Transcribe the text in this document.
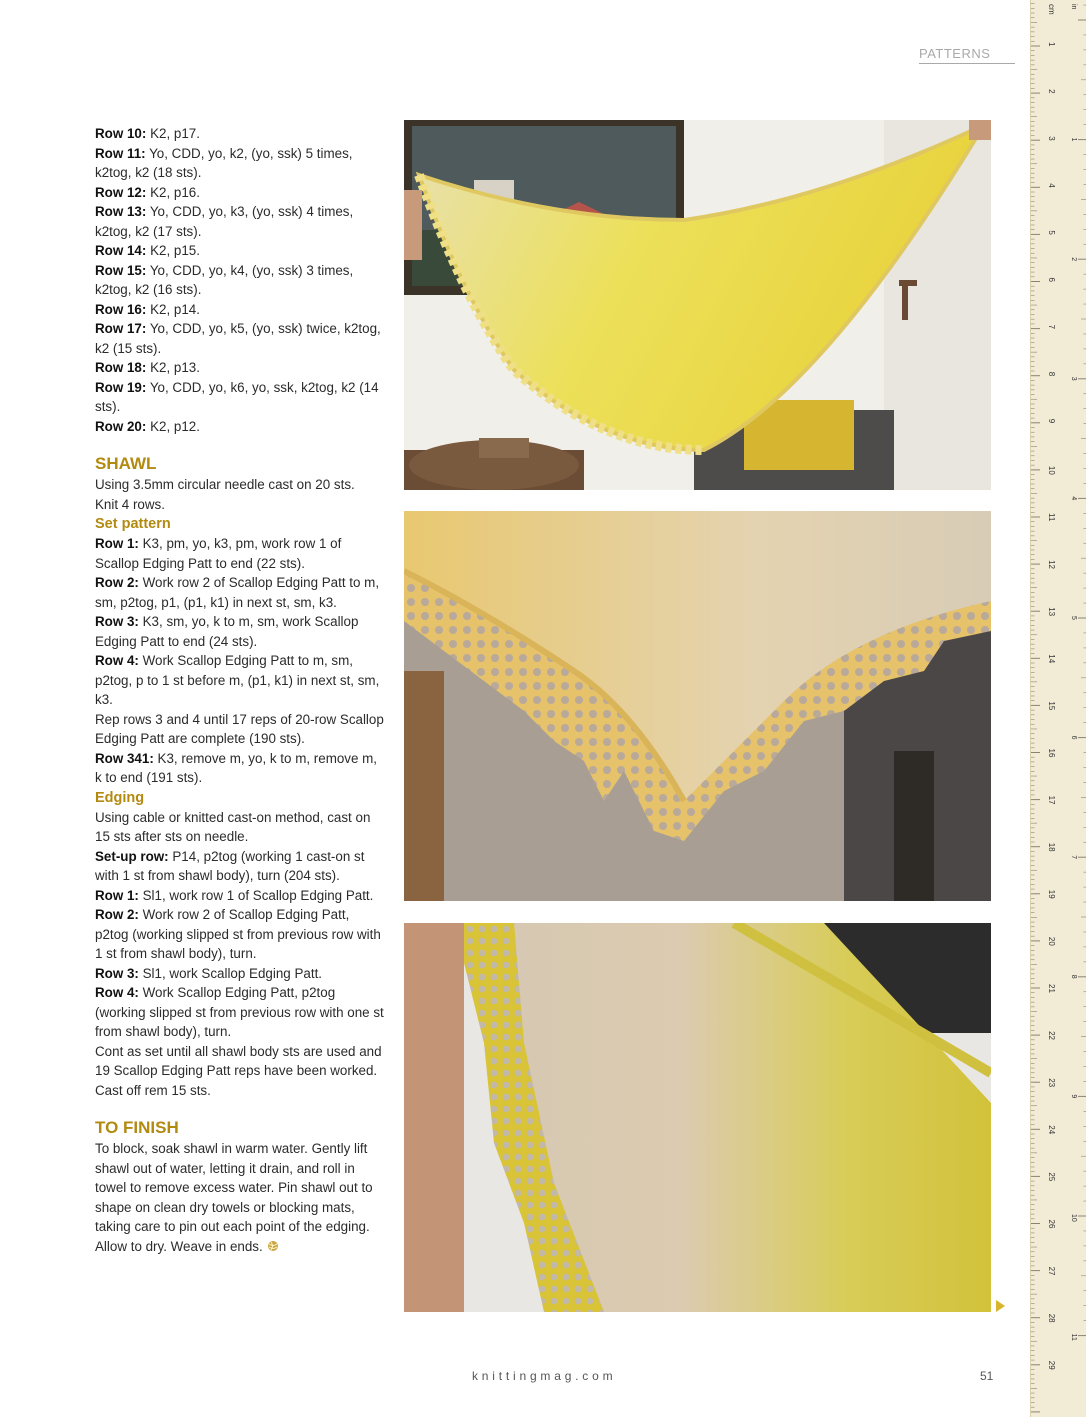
PATTERNS

Row 10: K2, p17.

Row 11: Yo, CDD, yo, k2, (yo, ssk) 5 times, k2tog, k2 (18 sts).

Row 12: K2, p16.

Row 13: Yo, CDD, yo, k3, (yo, ssk) 4 times, k2tog, k2 (17 sts).

Row 14: K2, p15.

Row 15: Yo, CDD, yo, k4, (yo, ssk) 3 times, k2tog, k2 (16 sts).

Row 16: K2, p14.

Row 17: Yo, CDD, yo, k5, (yo, ssk) twice, k2tog, k2 (15 sts).

Row 18: K2, p13.

Row 19: Yo, CDD, yo, k6, yo, ssk, k2tog, k2 (14 sts).

Row 20: K2, p12.

SHAWL

Using 3.5mm circular needle cast on 20 sts.

Knit 4 rows.

Set pattern

Row 1: K3, pm, yo, k3, pm, work row 1 of Scallop Edging Patt to end (22 sts).

Row 2: Work row 2 of Scallop Edging Patt to m, sm, p2tog, p1, (p1, k1) in next st, sm, k3.

Row 3: K3, sm, yo, k to m, sm, work Scallop Edging Patt to end (24 sts).

Row 4: Work Scallop Edging Patt to m, sm, p2tog, p to 1 st before m, (p1, k1) in next st, sm, k3.

Rep rows 3 and 4 until 17 reps of 20-row Scallop Edging Patt are complete (190 sts).

Row 341: K3, remove m, yo, k to m, remove m, k to end (191 sts).

Edging

Using cable or knitted cast-on method, cast on 15 sts after sts on needle.

Set-up row: P14, p2tog (working 1 cast-on st with 1 st from shawl body), turn (204 sts).

Row 1: Sl1, work row 1 of Scallop Edging Patt.

Row 2: Work row 2 of Scallop Edging Patt, p2tog (working slipped st from previous row with 1 st from shawl body), turn.

Row 3: Sl1, work Scallop Edging Patt.

Row 4: Work Scallop Edging Patt, p2tog (working slipped st from previous row with one st from shawl body), turn.

Cont as set until all shawl body sts are used and 19 Scallop Edging Patt reps have been worked.

Cast off rem 15 sts.

TO FINISH

To block, soak shawl in warm water. Gently lift shawl out of water, letting it drain, and roll in towel to remove excess water. Pin shawl out to shape on clean dry towels or blocking mats, taking care to pin out each point of the edging. Allow to dry. Weave in ends.

knittingmag.com	51
cm in
1
2
3
4
5
6
7
8
9
10
11
12
13
14
15
16
17
18
19
20
21
22
23
24
25
26
27
28
29
1
2
3
4
5
6
7
8
9
10
11
